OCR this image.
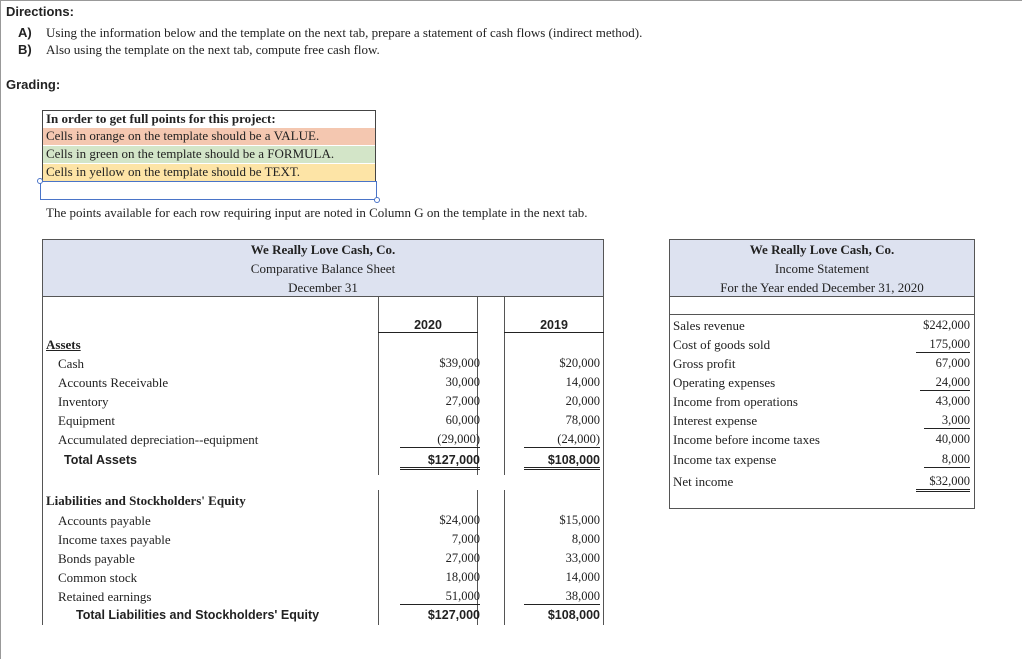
Directions:
A) Using the information below and the template on the next tab, prepare a statement of cash flows (indirect method).
B) Also using the template on the next tab, compute free cash flow.
Grading:
In order to get full points for this project:
Cells in orange on the template should be a VALUE.
Cells in green on the template should be a FORMULA.
Cells in yellow on the template should be TEXT.
The points available for each row requiring input are noted in Column G on the template in the next tab.
We Really Love Cash, Co.
Comparative Balance Sheet
December 31
2020	2019
Assets
Cash	$39,000	$20,000
Accounts Receivable	30,000	14,000
Inventory	27,000	20,000
Equipment	60,000	78,000
Accumulated depreciation--equipment	(29,000)	(24,000)
Total Assets	$127,000	$108,000
Liabilities and Stockholders' Equity
Accounts payable	$24,000	$15,000
Income taxes payable	7,000	8,000
Bonds payable	27,000	33,000
Common stock	18,000	14,000
Retained earnings	51,000	38,000
Total Liabilities and Stockholders' Equity	$127,000	$108,000
We Really Love Cash, Co.
Income Statement
For the Year ended December 31, 2020
Sales revenue	$242,000
Cost of goods sold	175,000
Gross profit	67,000
Operating expenses	24,000
Income from operations	43,000
Interest expense	3,000
Income before income taxes	40,000
Income tax expense	8,000
Net income	$32,000
